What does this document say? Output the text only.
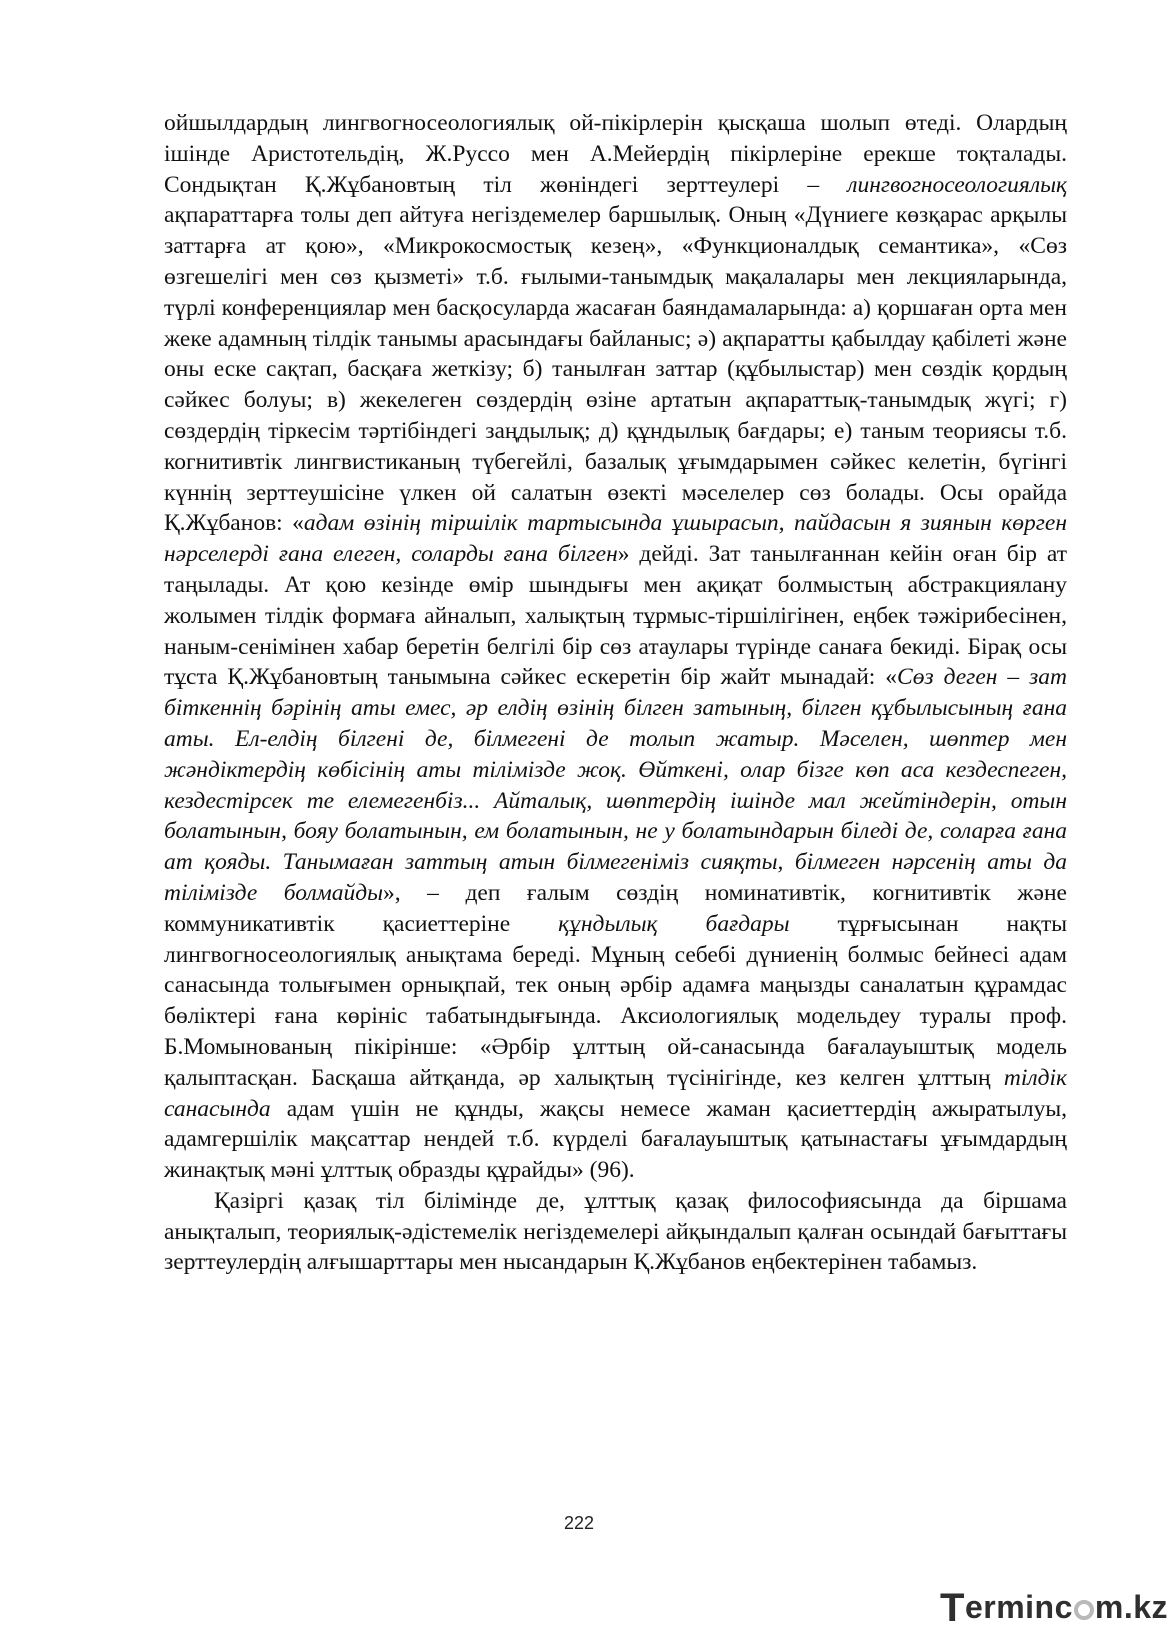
ойшылдардың лингвогносеологиялық ой-пікірлерін қысқаша шолып өтеді. Олардың ішінде Аристотельдің, Ж.Руссо мен А.Мейердің пікірлеріне ерекше тоқталады. Сондықтан Қ.Жұбановтың тіл жөніндегі зерттеулері – лингвогносеологиялық ақпараттарға толы деп айтуға негіздемелер баршылық. Оның «Дүниеге көзқарас арқылы заттарға ат қою», «Микрокосмостық кезең», «Функционалдық семантика», «Сөз өзгешелігі мен сөз қызметі» т.б. ғылыми-танымдық мақалалары мен лекцияларында, түрлі конференциялар мен басқосуларда жасаған баяндамаларында: а) қоршаған орта мен жеке адамның тілдік танымы арасындағы байланыс; ә) ақпаратты қабылдау қабілеті және оны еске сақтап, басқаға жеткізу; б) танылған заттар (құбылыстар) мен сөздік қордың сәйкес болуы; в) жекелеген сөздердің өзіне артатын ақпараттық-танымдық жүгі; г) сөздердің тіркесім тәртібіндегі заңдылық; д) құндылық бағдары; е) таным теориясы т.б. когнитивтік лингвистиканың түбегейлі, базалық ұғымдарымен сәйкес келетін, бүгінгі күннің зерттеушісіне үлкен ой салатын өзекті мәселелер сөз болады. Осы орайда Қ.Жұбанов: «адам өзінің тіршілік тартысында ұшырасып, пайдасын я зиянын көрген нәрселерді ғана елеген, соларды ғана білген» дейді. Зат танылғаннан кейін оған бір ат таңылады. Ат қою кезінде өмір шындығы мен ақиқат болмыстың абстракциялану жолымен тілдік формаға айналып, халықтың тұрмыс-тіршілігінен, еңбек тәжірибесінен, наным-сенімінен хабар беретін белгілі бір сөз атаулары түрінде санаға бекиді. Бірақ осы тұста Қ.Жұбановтың танымына сәйкес ескеретін бір жайт мынадай: «Сөз деген – зат біткеннің бәрінің аты емес, әр елдің өзінің білген затының, білген құбылысының ғана аты. Ел-елдің білгені де, білмегені де толып жатыр. Мәселен, шөптер мен жәндіктердің көбісінің аты тілімізде жоқ. Өйткені, олар бізге көп аса кездеспеген, кездестірсек те елемегенбіз... Айталық, шөптердің ішінде мал жейтіндерін, отын болатынын, бояу болатынын, ем болатынын, не у болатындарын біледі де, соларға ғана ат қояды. Танымаған заттың атын білмегеніміз сияқты, білмеген нәрсенің аты да тілімізде болмайды», – деп ғалым сөздің номинативтік, когнитивтік және коммуникативтік қасиеттеріне құндылық бағдары тұрғысынан нақты лингвогносеологиялық анықтама береді. Мұның себебі дүниенің болмыс бейнесі адам санасында толығымен орнықпай, тек оның әрбір адамға маңызды саналатын құрамдас бөліктері ғана көрініс табатындығында. Аксиологиялық модельдеу туралы проф. Б.Момынованың пікірінше: «Әрбір ұлттың ой-санасында бағалауыштық модель қалыптасқан. Басқаша айтқанда, әр халықтың түсінігінде, кез келген ұлттың тілдік санасында адам үшін не құнды, жақсы немесе жаман қасиеттердің ажыратылуы, адамгершілік мақсаттар нендей т.б. күрделі бағалауыштық қатынастағы ұғымдардың жинақтық мәні ұлттық образды құрайды» (96).

Қазіргі қазақ тіл білімінде де, ұлттық қазақ философиясында да біршама анықталып, теориялық-әдістемелік негіздемелері айқындалып қалған осындай бағыттағы зерттеулердің алғышарттары мен нысандарын Қ.Жұбанов еңбектерінен табамыз.

222
Terminc m.kz
